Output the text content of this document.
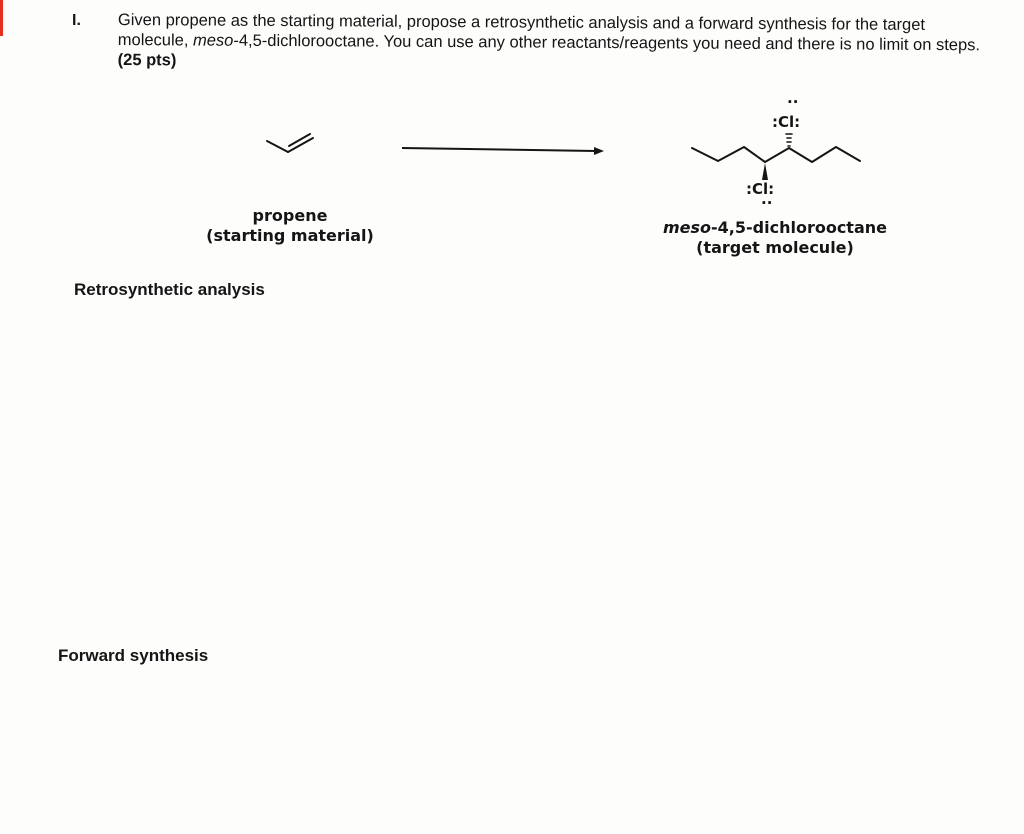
I. Given propene as the starting material, propose a retrosynthetic analysis and a forward synthesis for the target molecule, meso-4,5-dichlorooctane. You can use any other reactants/reagents you need and there is no limit on steps. (25 pts)
:Cl:
··
:Cl:
··
propene
(starting material)	meso-4,5-dichlorooctane
(target molecule)
Retrosynthetic analysis
Forward synthesis
